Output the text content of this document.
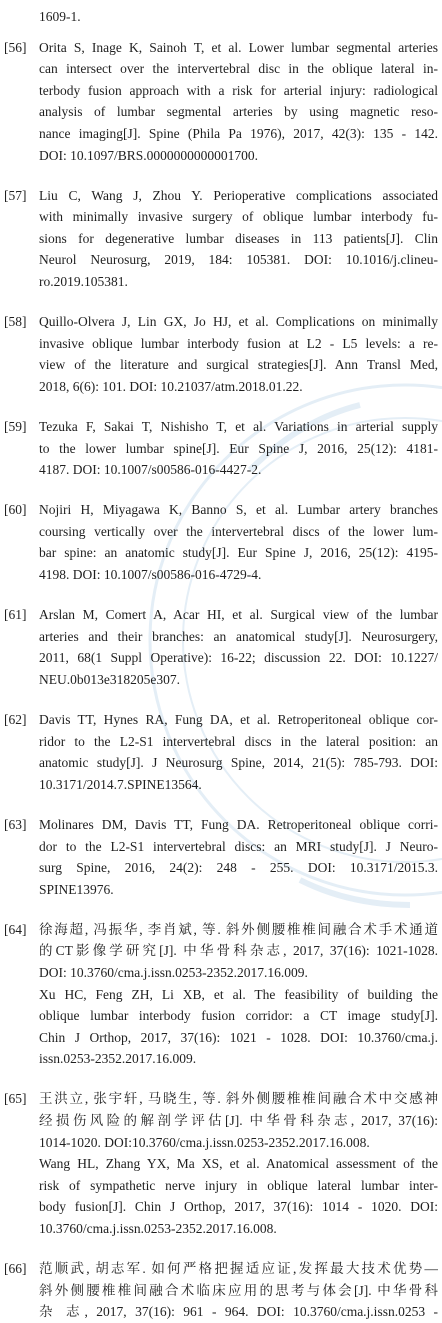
1609-1.
[56] Orita S, Inage K, Sainoh T, et al. Lower lumbar segmental arteries
can intersect over the intervertebral disc in the oblique lateral in-
terbody fusion approach with a risk for arterial injury: radiological
analysis of lumbar segmental arteries by using magnetic reso-
nance imaging[J]. Spine (Phila Pa 1976), 2017, 42(3): 135 - 142.
DOI: 10.1097/BRS.0000000000001700.
[57] Liu C, Wang J, Zhou Y. Perioperative complications associated
with minimally invasive surgery of oblique lumbar interbody fu-
sions for degenerative lumbar diseases in 113 patients[J]. Clin
Neurol Neurosurg, 2019, 184: 105381. DOI: 10.1016/j.clineu-
ro.2019.105381.
[58] Quillo-Olvera J, Lin GX, Jo HJ, et al. Complications on minimally
invasive oblique lumbar interbody fusion at L2 - L5 levels: a re-
view of the literature and surgical strategies[J]. Ann Transl Med,
2018, 6(6): 101. DOI: 10.21037/atm.2018.01.22.
[59] Tezuka F, Sakai T, Nishisho T, et al. Variations in arterial supply
to the lower lumbar spine[J]. Eur Spine J, 2016, 25(12): 4181-
4187. DOI: 10.1007/s00586-016-4427-2.
[60] Nojiri H, Miyagawa K, Banno S, et al. Lumbar artery branches
coursing vertically over the intervertebral discs of the lower lum-
bar spine: an anatomic study[J]. Eur Spine J, 2016, 25(12): 4195-
4198. DOI: 10.1007/s00586-016-4729-4.
[61] Arslan M, Comert A, Acar HI, et al. Surgical view of the lumbar
arteries and their branches: an anatomical study[J]. Neurosurgery,
2011, 68(1 Suppl Operative): 16-22; discussion 22. DOI: 10.1227/
NEU.0b013e318205e307.
[62] Davis TT, Hynes RA, Fung DA, et al. Retroperitoneal oblique cor-
ridor to the L2-S1 intervertebral discs in the lateral position: an
anatomic study[J]. J Neurosurg Spine, 2014, 21(5): 785-793. DOI:
10.3171/2014.7.SPINE13564.
[63] Molinares DM, Davis TT, Fung DA. Retroperitoneal oblique corri-
dor to the L2-S1 intervertebral discs: an MRI study[J]. J Neuro-
surg Spine, 2016, 24(2): 248 - 255. DOI: 10.3171/2015.3.
SPINE13976.
[64] 徐海超, 冯振华, 李肖斌, 等. 斜外侧腰椎椎间融合术手术通道
的CT影像学研究[J]. 中华骨科杂志, 2017, 37(16): 1021-1028.
DOI: 10.3760/cma.j.issn.0253-2352.2017.16.009.
Xu HC, Feng ZH, Li XB, et al. The feasibility of building the
oblique lumbar interbody fusion corridor: a CT image study[J].
Chin J Orthop, 2017, 37(16): 1021 - 1028. DOI: 10.3760/cma.j.
issn.0253-2352.2017.16.009.
[65] 王洪立, 张宇轩, 马晓生, 等. 斜外侧腰椎椎间融合术中交感神
经损伤风险的解剖学评估[J]. 中华骨科杂志, 2017, 37(16):
1014-1020. DOI:10.3760/cma.j.issn.0253-2352.2017.16.008.
Wang HL, Zhang YX, Ma XS, et al. Anatomical assessment of the
risk of sympathetic nerve injury in oblique lateral lumbar inter-
body fusion[J]. Chin J Orthop, 2017, 37(16): 1014 - 1020. DOI:
10.3760/cma.j.issn.0253-2352.2017.16.008.
[66] 范顺武, 胡志军. 如何严格把握适应证,发挥最大技术优势—
斜外侧腰椎椎间融合术临床应用的思考与体会[J]. 中华骨科
杂 志, 2017, 37(16): 961 - 964. DOI: 10.3760/cma.j.issn.0253 -
